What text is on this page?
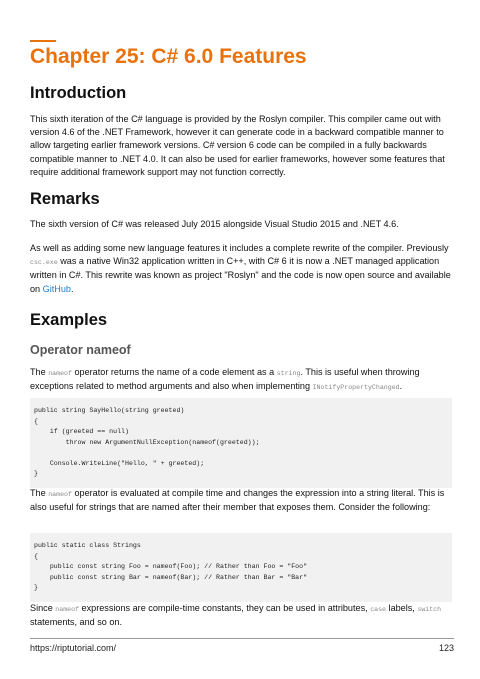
Chapter 25: C# 6.0 Features
Introduction

This sixth iteration of the C# language is provided by the Roslyn compiler. This compiler came out with version 4.6 of the .NET Framework, however it can generate code in a backward compatible manner to allow targeting earlier framework versions. C# version 6 code can be compiled in a fully backwards compatible manner to .NET 4.0. It can also be used for earlier frameworks, however some features that require additional framework support may not function correctly.

Remarks

The sixth version of C# was released July 2015 alongside Visual Studio 2015 and .NET 4.6.

As well as adding some new language features it includes a complete rewrite of the compiler. Previously csc.exe was a native Win32 application written in C++, with C# 6 it is now a .NET managed application written in C#. This rewrite was known as project "Roslyn" and the code is now open source and available on GitHub.

Examples
Operator nameof

The nameof operator returns the name of a code element as a string. This is useful when throwing exceptions related to method arguments and also when implementing INotifyPropertyChanged.

public string SayHello(string greeted)
{
if (greeted == null)
throw new ArgumentNullException(nameof(greeted));
Console.WriteLine("Hello, " + greeted);
}

The nameof operator is evaluated at compile time and changes the expression into a string literal. This is also useful for strings that are named after their member that exposes them. Consider the following:

public static class Strings
{
public const string Foo = nameof(Foo); // Rather than Foo = "Foo"
public const string Bar = nameof(Bar); // Rather than Bar = "Bar"
}

Since nameof expressions are compile-time constants, they can be used in attributes, case labels, switch statements, and so on.

https://riptutorial.com/	123
